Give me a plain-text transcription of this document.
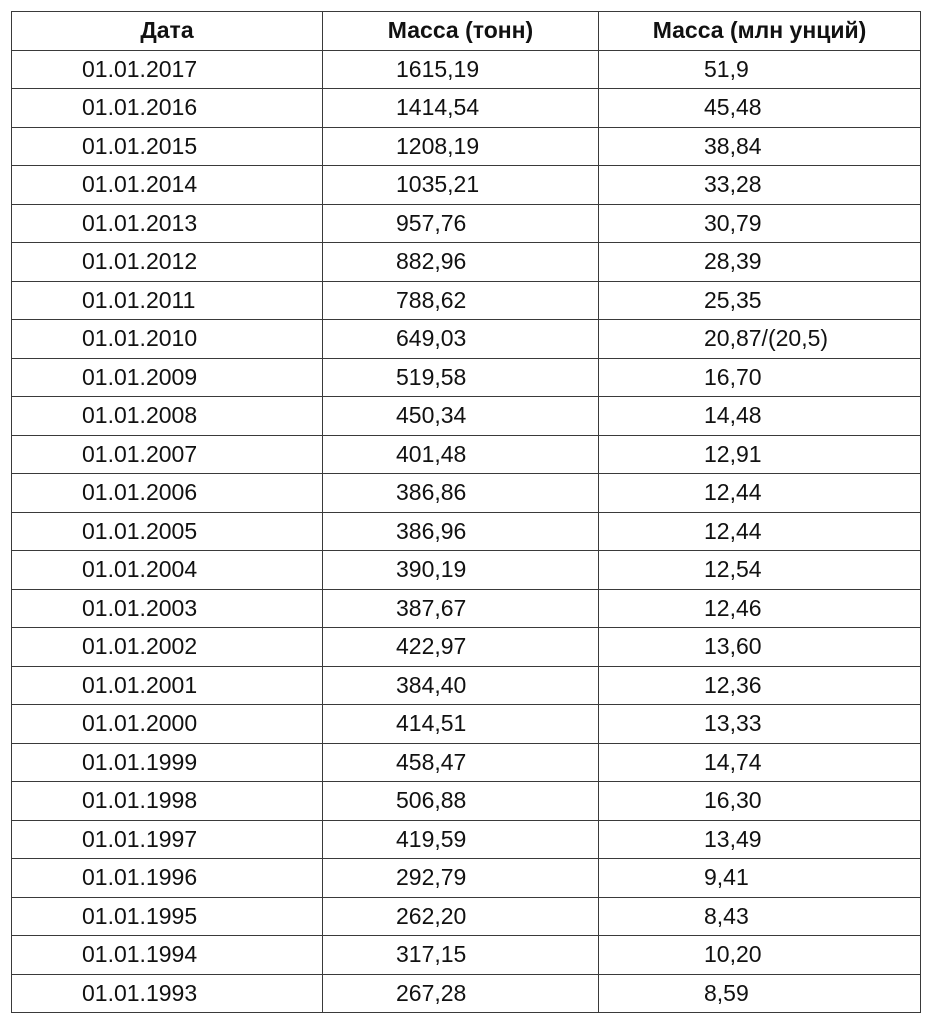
Дата	Масса (тонн)	Масса (млн унций)
01.01.2017	1615,19	51,9
01.01.2016	1414,54	45,48
01.01.2015	1208,19	38,84
01.01.2014	1035,21	33,28
01.01.2013	957,76	30,79
01.01.2012	882,96	28,39
01.01.2011	788,62	25,35
01.01.2010	649,03	20,87/(20,5)
01.01.2009	519,58	16,70
01.01.2008	450,34	14,48
01.01.2007	401,48	12,91
01.01.2006	386,86	12,44
01.01.2005	386,96	12,44
01.01.2004	390,19	12,54
01.01.2003	387,67	12,46
01.01.2002	422,97	13,60
01.01.2001	384,40	12,36
01.01.2000	414,51	13,33
01.01.1999	458,47	14,74
01.01.1998	506,88	16,30
01.01.1997	419,59	13,49
01.01.1996	292,79	9,41
01.01.1995	262,20	8,43
01.01.1994	317,15	10,20
01.01.1993	267,28	8,59
